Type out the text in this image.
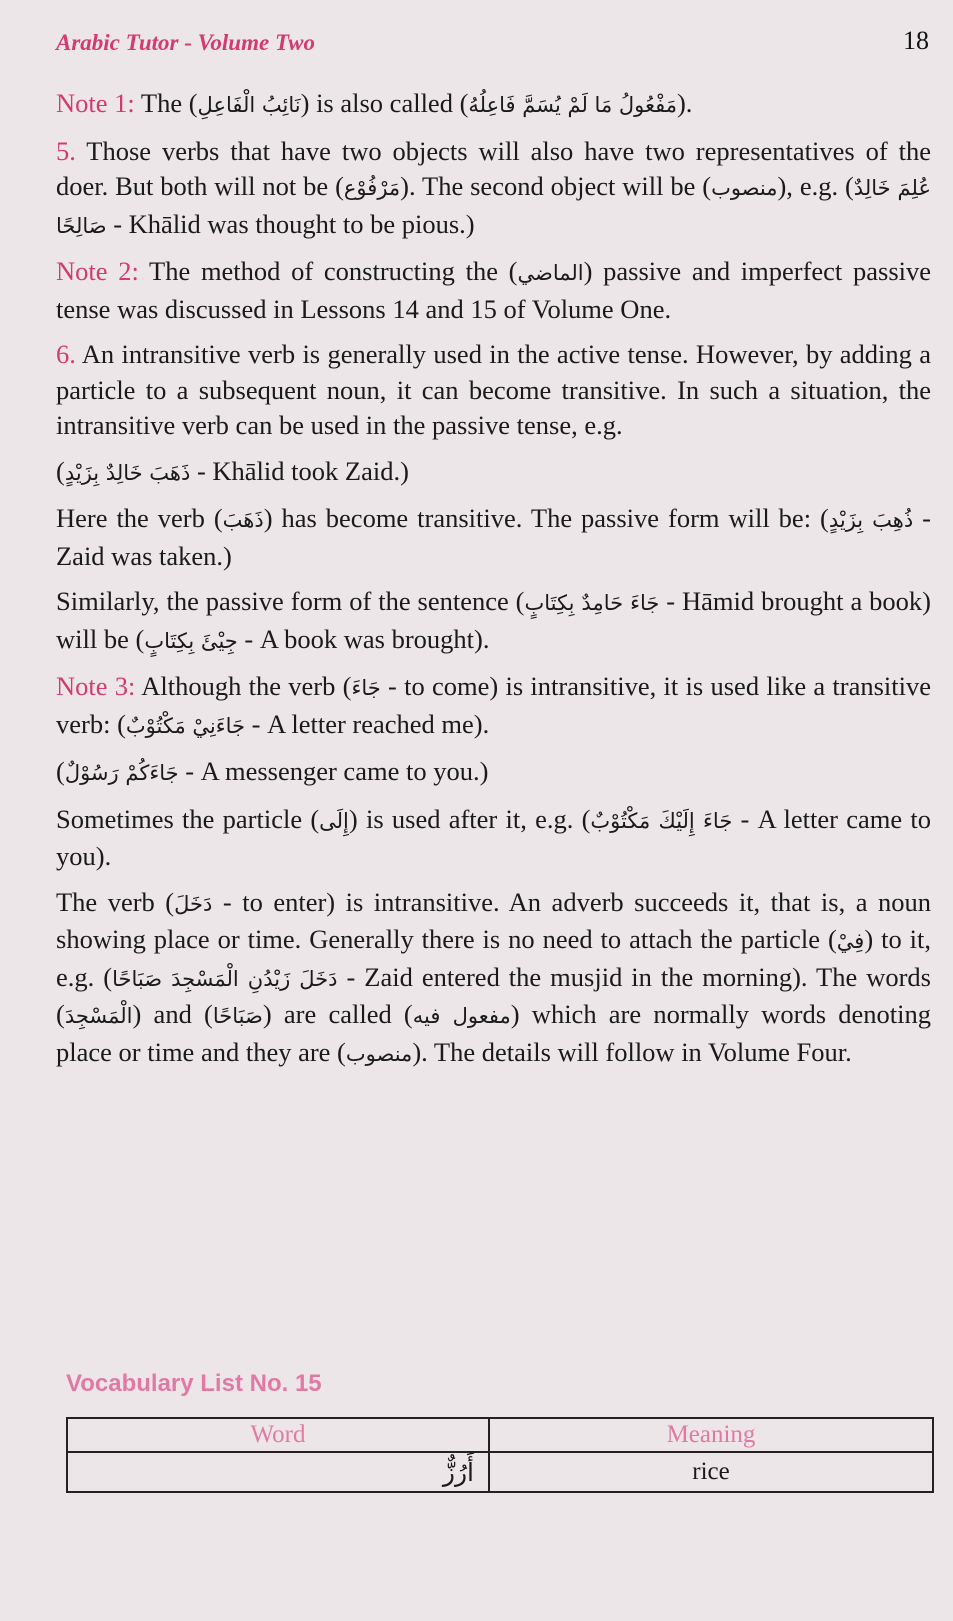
Arabic Tutor - Volume Two	18

Note 1: The (نَائِبُ الْفَاعِلِ) is also called (مَفْعُولُ مَا لَمْ يُسَمَّ فَاعِلُهُ).

5. Those verbs that have two objects will also have two representatives of the doer. But both will not be (مَرْفُوْع). The second object will be (منصوب), e.g. (عُلِمَ خَالِدٌ صَالِحًا - Khālid was thought to be pious.)

Note 2: The method of constructing the (الماضي) passive and imperfect passive tense was discussed in Lessons 14 and 15 of Volume One.

6. An intransitive verb is generally used in the active tense. However, by adding a particle to a subsequent noun, it can become transitive. In such a situation, the intransitive verb can be used in the passive tense, e.g.

(ذَهَبَ خَالِدٌ بِزَيْدٍ - Khālid took Zaid.)

Here the verb (ذَهَبَ) has become transitive. The passive form will be: (ذُهِبَ بِزَيْدٍ - Zaid was taken.)

Similarly, the passive form of the sentence (جَاءَ حَامِدٌ بِكِتَابٍ - Hāmid brought a book) will be (جِيْئَ بِكِتَابٍ - A book was brought).

Note 3: Although the verb (جَاءَ - to come) is intransitive, it is used like a transitive verb: (جَاءَنِيْ مَكْتُوْبٌ - A letter reached me).

(جَاءَكُمْ رَسُوْلٌ - A messenger came to you.)

Sometimes the particle (إِلَى) is used after it, e.g. (جَاءَ إِلَيْكَ مَكْتُوْبٌ - A letter came to you).

The verb (دَخَلَ - to enter) is intransitive. An adverb succeeds it, that is, a noun showing place or time. Generally there is no need to attach the particle (فِيْ) to it, e.g. (دَخَلَ زَيْدُنِ الْمَسْجِدَ صَبَاحًا - Zaid entered the musjid in the morning). The words (الْمَسْجِدَ) and (صَبَاحًا) are called (مفعول فيه) which are normally words denoting place or time and they are (منصوب). The details will follow in Volume Four.

Vocabulary List No. 15
Word	Meaning
أَرُزٌّ	rice
